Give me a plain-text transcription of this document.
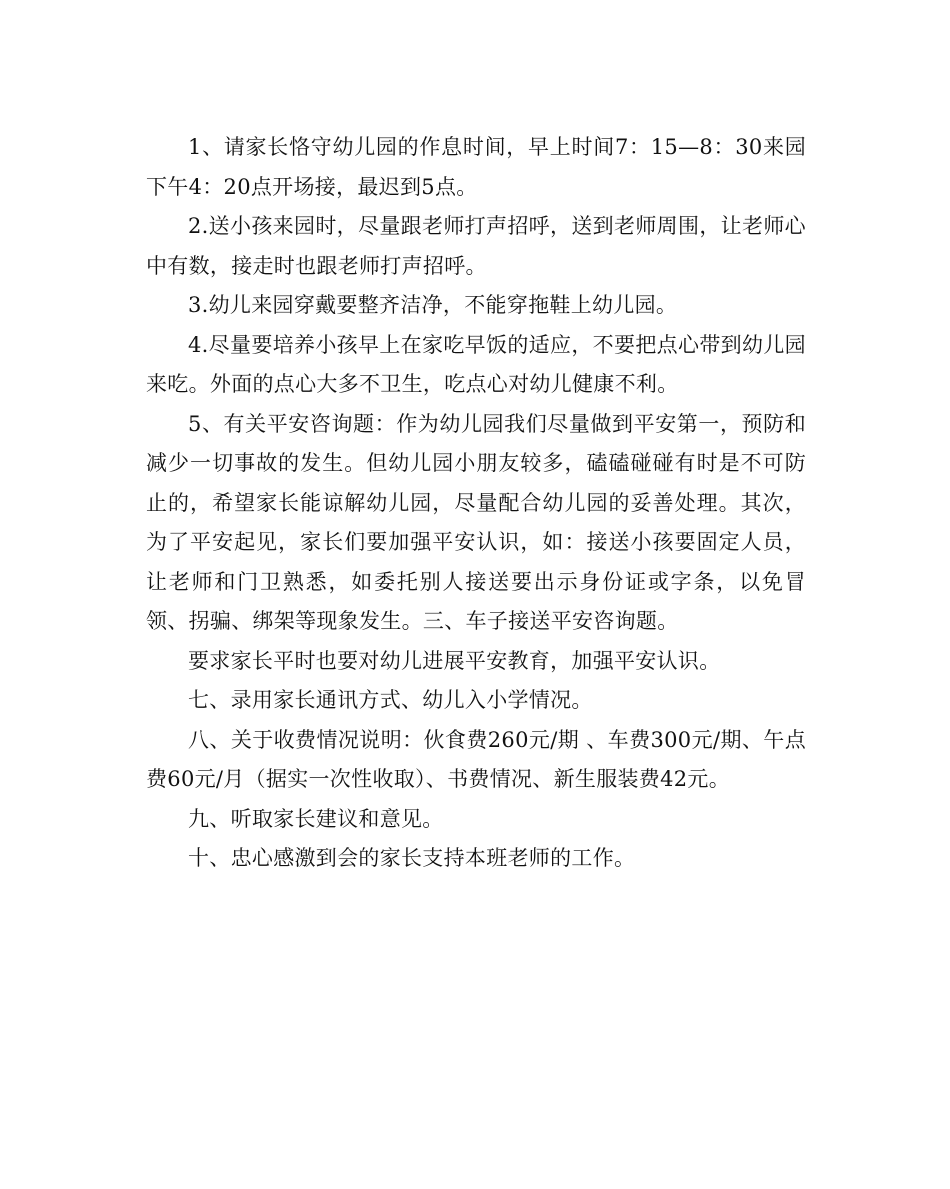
1、请家长恪守幼儿园的作息时间，早上时间7：15—8：30来园下午4：20点开场接，最迟到5点。

2.送小孩来园时，尽量跟老师打声招呼，送到老师周围，让老师心中有数，接走时也跟老师打声招呼。

3.幼儿来园穿戴要整齐洁净，不能穿拖鞋上幼儿园。

4.尽量要培养小孩早上在家吃早饭的适应，不要把点心带到幼儿园来吃。外面的点心大多不卫生，吃点心对幼儿健康不利。

5、有关平安咨询题：作为幼儿园我们尽量做到平安第一，预防和减少一切事故的发生。但幼儿园小朋友较多，磕磕碰碰有时是不可防止的，希望家长能谅解幼儿园，尽量配合幼儿园的妥善处理。其次，为了平安起见，家长们要加强平安认识，如：接送小孩要固定人员，让老师和门卫熟悉，如委托别人接送要出示身份证或字条，以免冒领、拐骗、绑架等现象发生。三、车子接送平安咨询题。

要求家长平时也要对幼儿进展平安教育，加强平安认识。

七、录用家长通讯方式、幼儿入小学情况。

八、关于收费情况说明：伙食费260元/期 、车费300元/期、午点费60元/月（据实一次性收取）、书费情况、新生服装费42元。

九、听取家长建议和意见。

十、忠心感激到会的家长支持本班老师的工作。
